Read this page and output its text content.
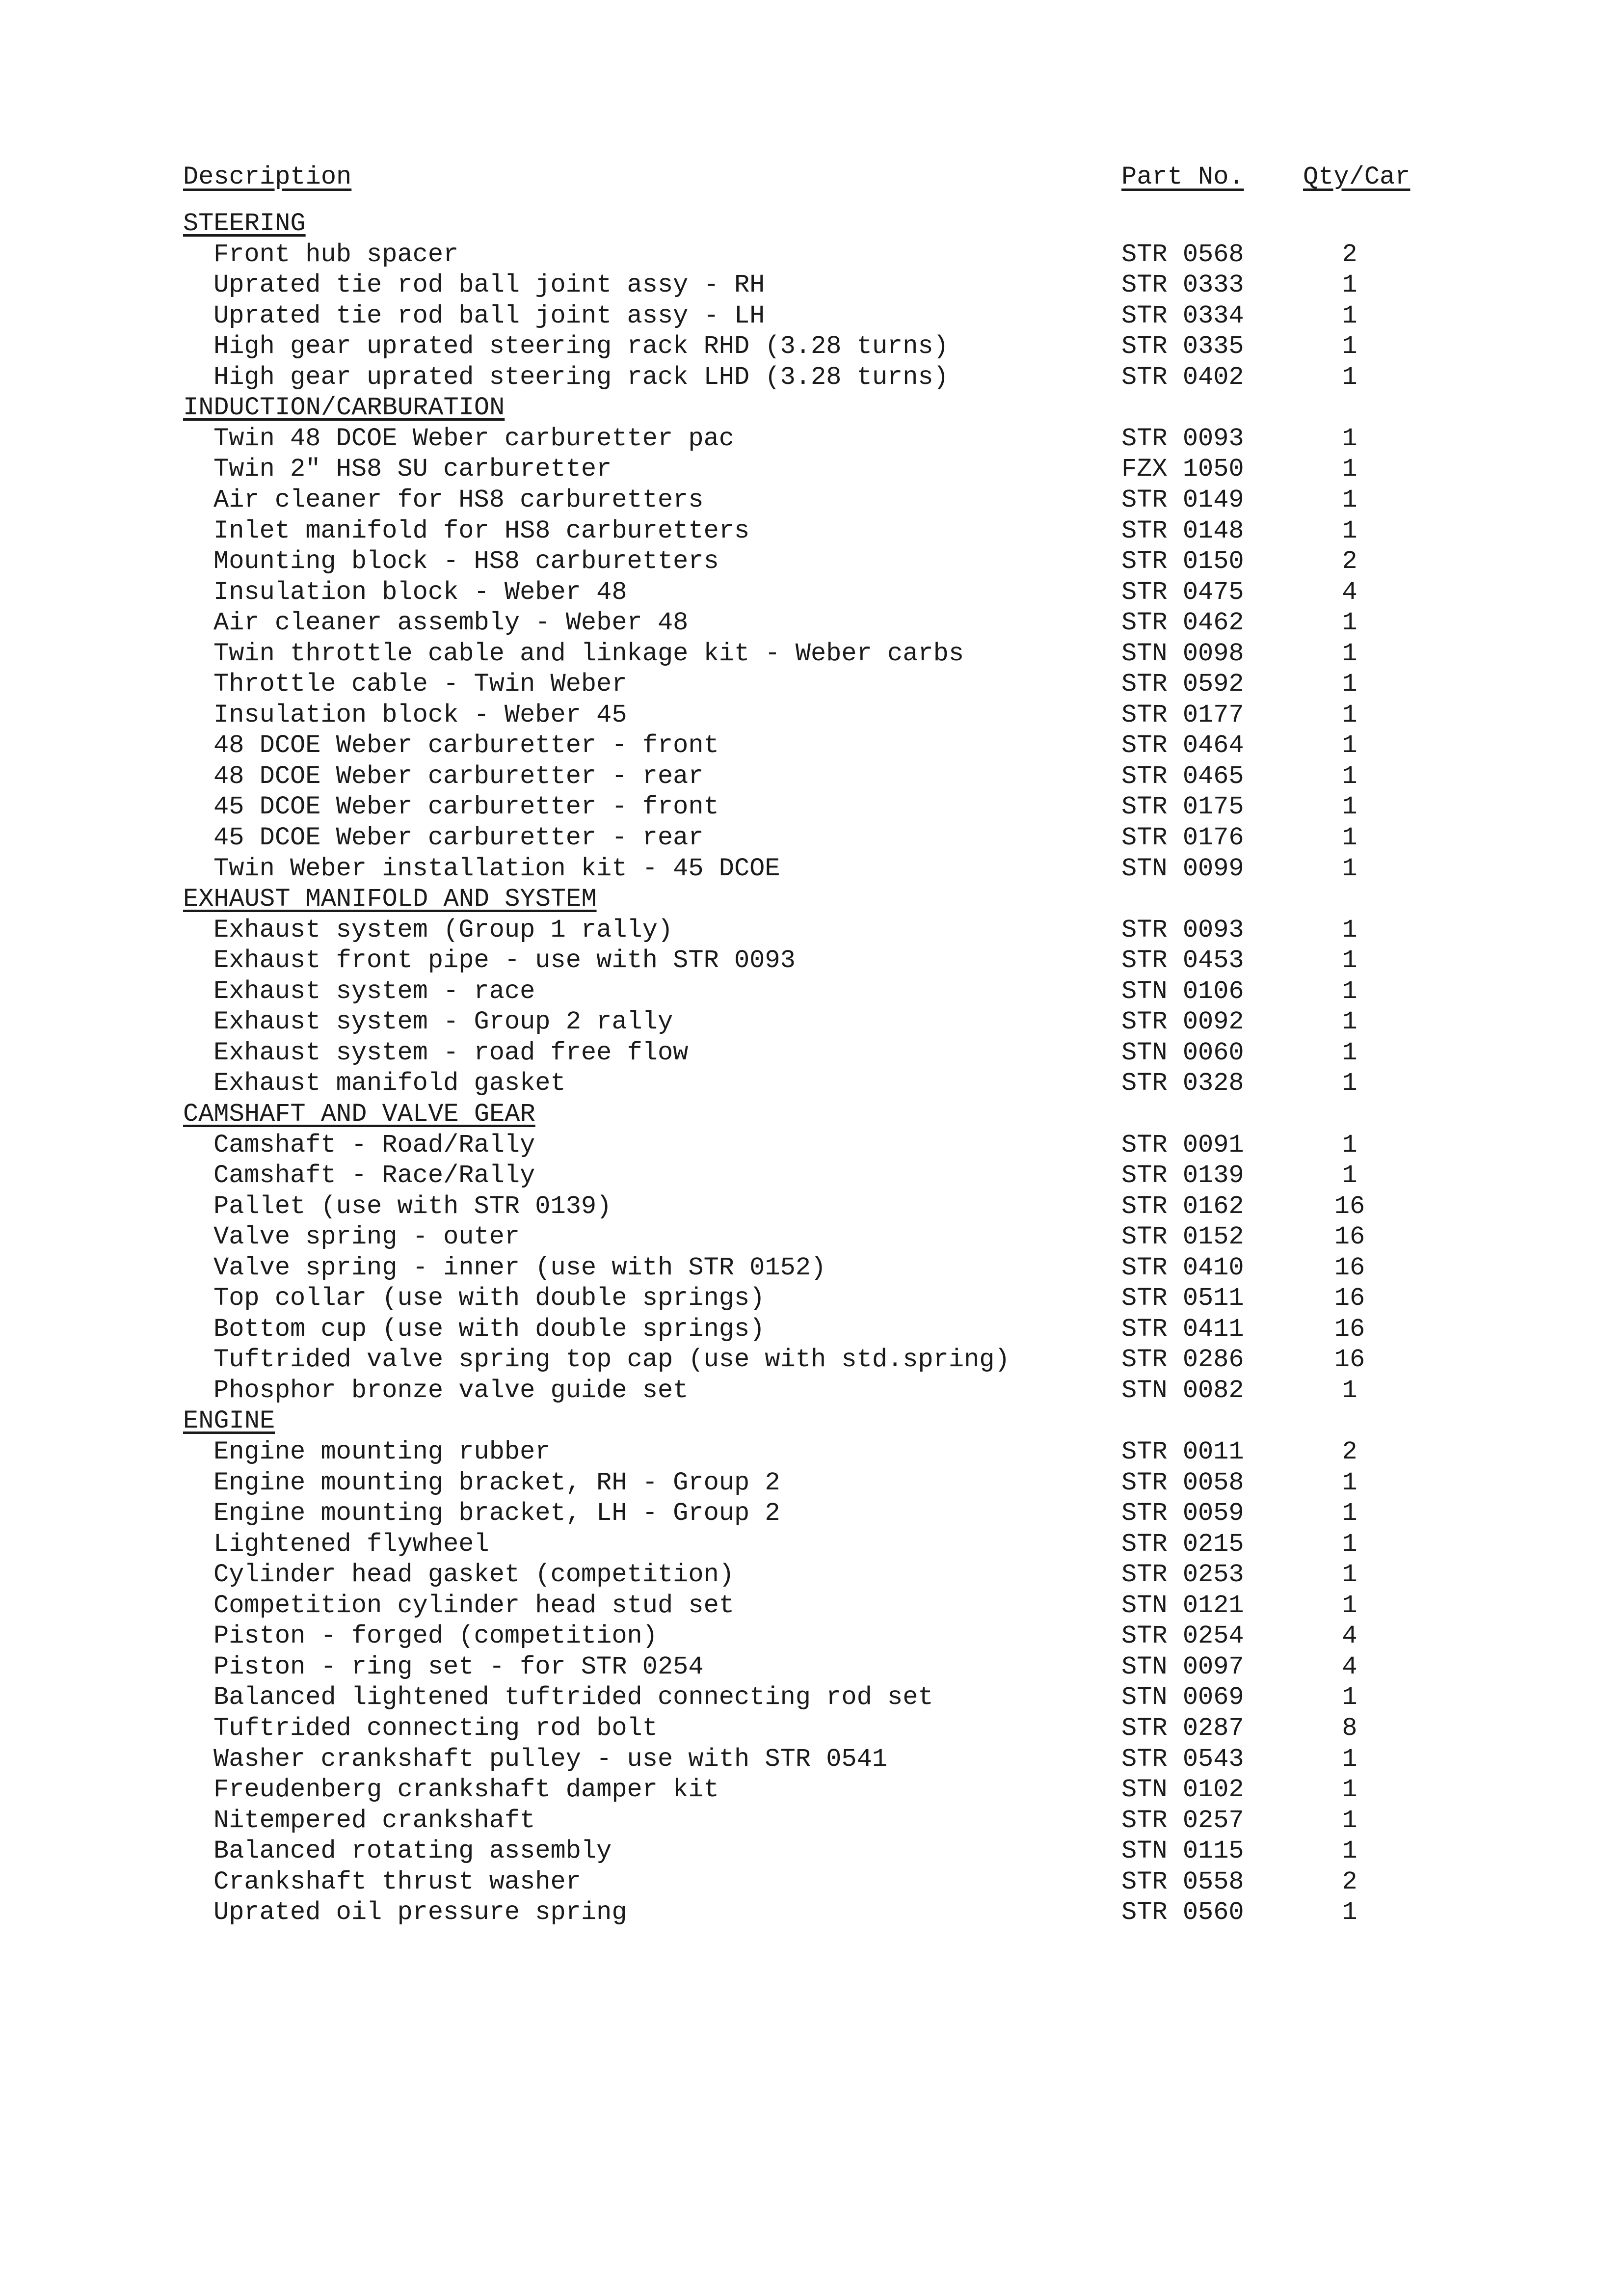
Description	Part No. Qty/Car
STEERING
Front hub spacer	STR 0568	2
Uprated tie rod ball joint assy - RH	STR 0333	1
Uprated tie rod ball joint assy - LH	STR 0334	1
High gear uprated steering rack RHD (3.28 turns)	STR 0335	1
High gear uprated steering rack LHD (3.28 turns)	STR 0402	1
INDUCTION/CARBURATION
Twin 48 DCOE Weber carburetter pac	STR 0093	1
Twin 2" HS8 SU carburetter	FZX 1050	1
Air cleaner for HS8 carburetters	STR 0149	1
Inlet manifold for HS8 carburetters	STR 0148	1
Mounting block - HS8 carburetters	STR 0150	2
Insulation block - Weber 48	STR 0475	4
Air cleaner assembly - Weber 48	STR 0462	1
Twin throttle cable and linkage kit - Weber carbs	STN 0098	1
Throttle cable - Twin Weber	STR 0592	1
Insulation block - Weber 45	STR 0177	1
48 DCOE Weber carburetter - front	STR 0464	1
48 DCOE Weber carburetter - rear	STR 0465	1
45 DCOE Weber carburetter - front	STR 0175	1
45 DCOE Weber carburetter - rear	STR 0176	1
Twin Weber installation kit - 45 DCOE	STN 0099	1
EXHAUST MANIFOLD AND SYSTEM
Exhaust system (Group 1 rally)	STR 0093	1
Exhaust front pipe - use with STR 0093	STR 0453	1
Exhaust system - race	STN 0106	1
Exhaust system - Group 2 rally	STR 0092	1
Exhaust system - road free flow	STN 0060	1
Exhaust manifold gasket	STR 0328	1
CAMSHAFT AND VALVE GEAR
Camshaft - Road/Rally	STR 0091	1
Camshaft - Race/Rally	STR 0139	1
Pallet (use with STR 0139)	STR 0162	16
Valve spring - outer	STR 0152	16
Valve spring - inner (use with STR 0152)	STR 0410	16
Top collar (use with double springs)	STR 0511	16
Bottom cup (use with double springs)	STR 0411	16
Tuftrided valve spring top cap (use with std.spring)	STR 0286	16
Phosphor bronze valve guide set	STN 0082	1
ENGINE
Engine mounting rubber	STR 0011	2
Engine mounting bracket, RH - Group 2	STR 0058	1
Engine mounting bracket, LH - Group 2	STR 0059	1
Lightened flywheel	STR 0215	1
Cylinder head gasket (competition)	STR 0253	1
Competition cylinder head stud set	STN 0121	1
Piston - forged (competition)	STR 0254	4
Piston - ring set - for STR 0254	STN 0097	4
Balanced lightened tuftrided connecting rod set	STN 0069	1
Tuftrided connecting rod bolt	STR 0287	8
Washer crankshaft pulley - use with STR 0541	STR 0543	1
Freudenberg crankshaft damper kit	STN 0102	1
Nitempered crankshaft	STR 0257	1
Balanced rotating assembly	STN 0115	1
Crankshaft thrust washer	STR 0558	2
Uprated oil pressure spring	STR 0560	1
